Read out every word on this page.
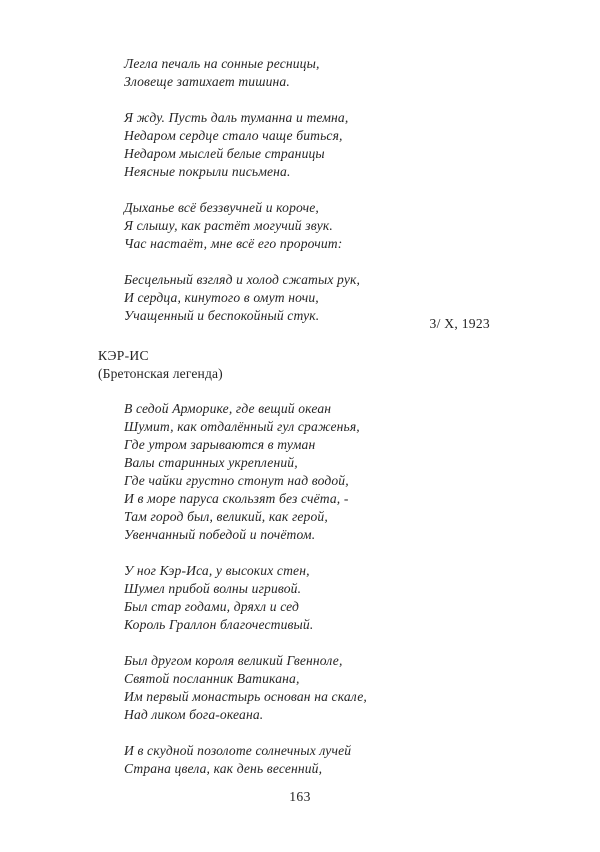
Легла печаль на сонные ресницы,
Зловеще затихает тишина.
Я жду. Пусть даль туманна и темна,
Недаром сердце стало чаще биться,
Недаром мыслей белые страницы
Неясные покрыли письмена.
Дыханье всё беззвучней и короче,
Я слышу, как растёт могучий звук.
Час настаёт, мне всё его пророчит:
Бесцельный взгляд и холод сжатых рук,
И сердца, кинутого в омут ночи,
Учащенный и беспокойный стук.
3/ X, 1923
КЭР-ИС
(Бретонская легенда)
В седой Арморике, где вещий океан
Шумит, как отдалённый гул сраженья,
Где утром зарываются в туман
Валы старинных укреплений,
Где чайки грустно стонут над водой,
И в море паруса скользят без счёта, -
Там город был, великий, как герой,
Увенчанный победой и почётом.
У ног Кэр-Иса, у высоких стен,
Шумел прибой волны игривой.
Был стар годами, дряхл и сед
Король Граллон благочестивый.
Был другом короля великий Гвенноле,
Святой посланник Ватикана,
Им первый монастырь основан на скале,
Над ликом бога-океана.
И в скудной позолоте солнечных лучей
Страна цвела, как день весенний,
163
